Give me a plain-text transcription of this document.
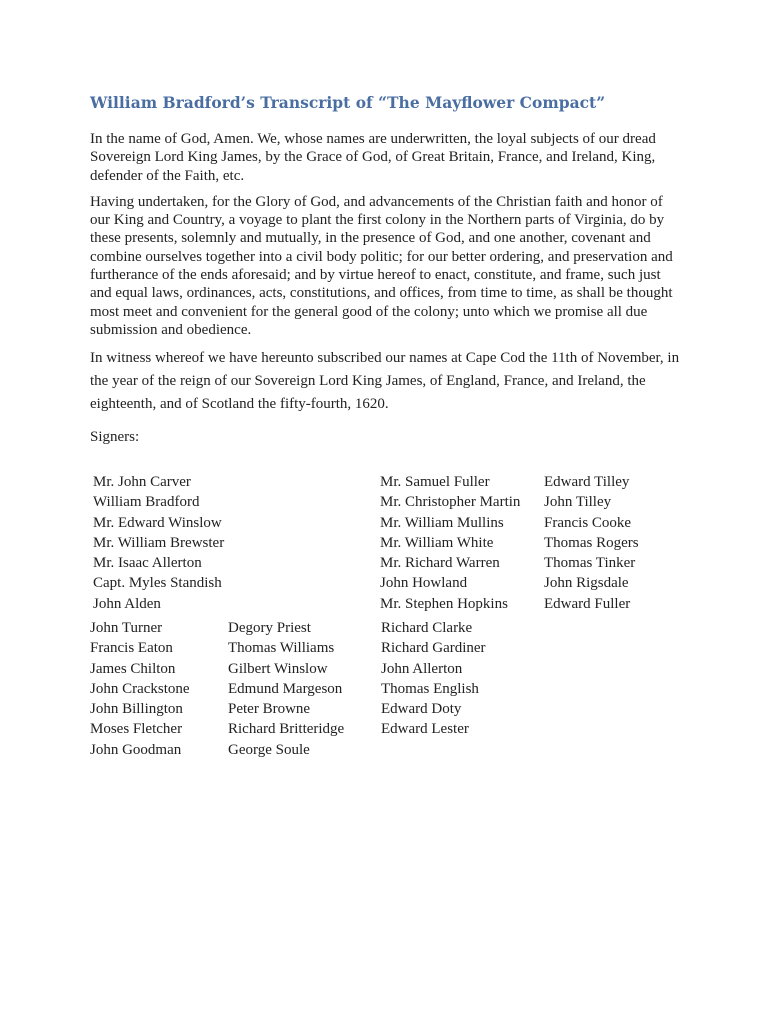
William Bradford’s Transcript of “The Mayflower Compact”

In the name of God, Amen. We, whose names are underwritten, the loyal subjects of our dread Sovereign Lord King James, by the Grace of God, of Great Britain, France, and Ireland, King, defender of the Faith, etc.

Having undertaken, for the Glory of God, and advancements of the Christian faith and honor of our King and Country, a voyage to plant the first colony in the Northern parts of Virginia, do by these presents, solemnly and mutually, in the presence of God, and one another, covenant and combine ourselves together into a civil body politic; for our better ordering, and preservation and furtherance of the ends aforesaid; and by virtue hereof to enact, constitute, and frame, such just and equal laws, ordinances, acts, constitutions, and offices, from time to time, as shall be thought most meet and convenient for the general good of the colony; unto which we promise all due submission and obedience.

In witness whereof we have hereunto subscribed our names at Cape Cod the 11th of November, in the year of the reign of our Sovereign Lord King James, of England, France, and Ireland, the eighteenth, and of Scotland the fifty-fourth, 1620.

Signers:

Mr. John Carver
William Bradford
Mr. Edward Winslow
Mr. William Brewster
Mr. Isaac Allerton
Capt. Myles Standish
John Alden
Mr. Samuel Fuller
Mr. Christopher Martin
Mr. William Mullins
Mr. William White
Mr. Richard Warren
John Howland
Mr. Stephen Hopkins
Edward Tilley
John Tilley
Francis Cooke
Thomas Rogers
Thomas Tinker
John Rigsdale
Edward Fuller
John Turner
Francis Eaton
James Chilton
John Crackstone
John Billington
Moses Fletcher
John Goodman
Degory Priest
Thomas Williams
Gilbert Winslow
Edmund Margeson
Peter Browne
Richard Britteridge
George Soule
Richard Clarke
Richard Gardiner
John Allerton
Thomas English
Edward Doty
Edward Lester
